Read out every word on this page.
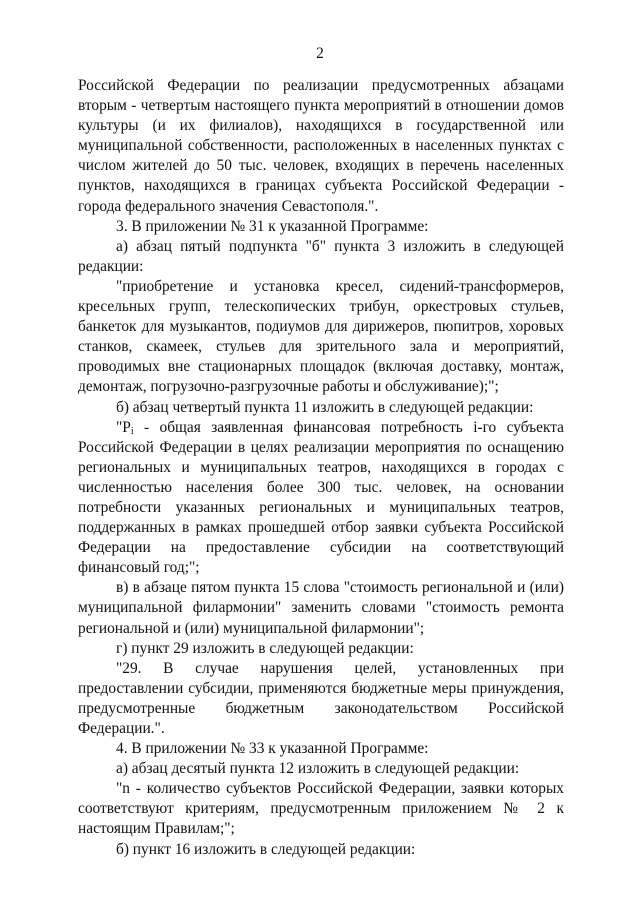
2

Российской Федерации по реализации предусмотренных абзацами вторым - четвертым настоящего пункта мероприятий в отношении домов культуры (и их филиалов), находящихся в государственной или муниципальной собственности, расположенных в населенных пунктах с числом жителей до 50 тыс. человек, входящих в перечень населенных пунктов, находящихся в границах субъекта Российской Федерации - города федерального значения Севастополя.".

3. В приложении № 31 к указанной Программе:

а) абзац пятый подпункта "б" пункта 3 изложить в следующей редакции:

"приобретение и установка кресел, сидений-трансформеров, кресельных групп, телескопических трибун, оркестровых стульев, банкеток для музыкантов, подиумов для дирижеров, пюпитров, хоровых станков, скамеек, стульев для зрительного зала и мероприятий, проводимых вне стационарных площадок (включая доставку, монтаж, демонтаж, погрузочно-разгрузочные работы и обслуживание);";

б) абзац четвертый пункта 11 изложить в следующей редакции:

"$P_i$ - общая заявленная финансовая потребность i-го субъекта Российской Федерации в целях реализации мероприятия по оснащению региональных и муниципальных театров, находящихся в городах с численностью населения более 300 тыс. человек, на основании потребности указанных региональных и муниципальных театров, поддержанных в рамках прошедшей отбор заявки субъекта Российской Федерации на предоставление субсидии на соответствующий финансовый год;";

в) в абзаце пятом пункта 15 слова "стоимость региональной и (или) муниципальной филармонии" заменить словами "стоимость ремонта региональной и (или) муниципальной филармонии";

г) пункт 29 изложить в следующей редакции:

"29. В случае нарушения целей, установленных при предоставлении субсидии, применяются бюджетные меры принуждения, предусмотренные бюджетным законодательством Российской Федерации.".

4. В приложении № 33 к указанной Программе:

а) абзац десятый пункта 12 изложить в следующей редакции:

"n - количество субъектов Российской Федерации, заявки которых соответствуют критериям, предусмотренным приложением № 2 к настоящим Правилам;";

б) пункт 16 изложить в следующей редакции:
